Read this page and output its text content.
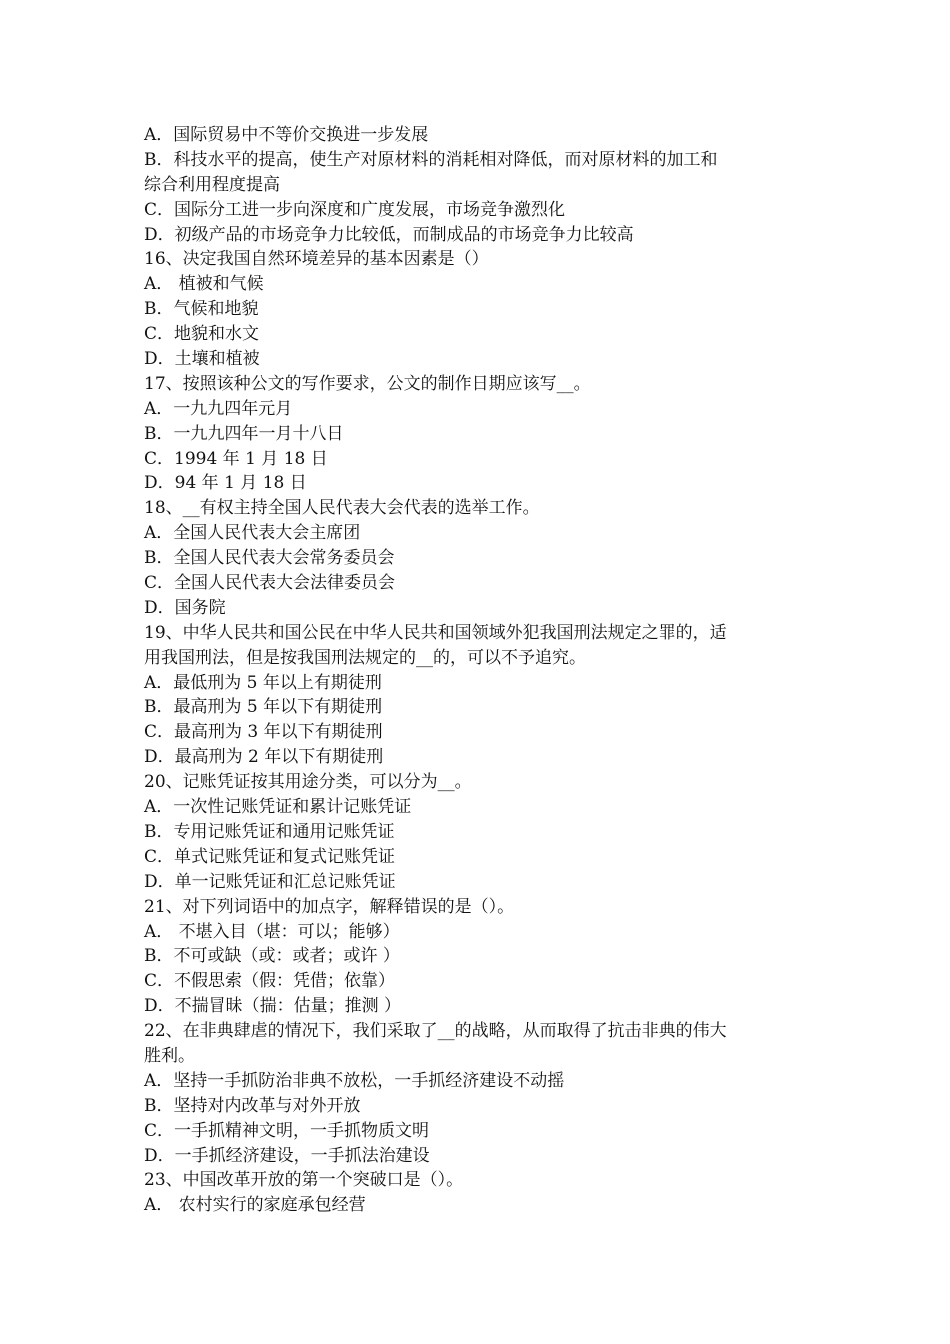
A．国际贸易中不等价交换进一步发展
B．科技水平的提高，使生产对原材料的消耗相对降低，而对原材料的加工和
综合利用程度提高
C．国际分工进一步向深度和广度发展，市场竞争激烈化
D．初级产品的市场竞争力比较低，而制成品的市场竞争力比较高
16、决定我国自然环境差异的基本因素是（）
A． 植被和气候
B．气候和地貌
C．地貌和水文
D．土壤和植被
17、按照该种公文的写作要求，公文的制作日期应该写__。
A．一九九四年元月
B．一九九四年一月十八日
C．1994 年 1 月 18 日
D．94 年 1 月 18 日
18、__有权主持全国人民代表大会代表的选举工作。
A．全国人民代表大会主席团
B．全国人民代表大会常务委员会
C．全国人民代表大会法律委员会
D．国务院
19、中华人民共和国公民在中华人民共和国领域外犯我国刑法规定之罪的，适
用我国刑法，但是按我国刑法规定的__的，可以不予追究。
A．最低刑为 5 年以上有期徒刑
B．最高刑为 5 年以下有期徒刑
C．最高刑为 3 年以下有期徒刑
D．最高刑为 2 年以下有期徒刑
20、记账凭证按其用途分类，可以分为__。
A．一次性记账凭证和累计记账凭证
B．专用记账凭证和通用记账凭证
C．单式记账凭证和复式记账凭证
D．单一记账凭证和汇总记账凭证
21、对下列词语中的加点字，解释错误的是（）。
A． 不堪入目（堪：可以；能够）
B．不可或缺（或：或者；或许 ）
C．不假思索（假：凭借；依靠）
D．不揣冒昧（揣：估量；推测 ）
22、在非典肆虐的情况下，我们采取了__的战略，从而取得了抗击非典的伟大
胜利。
A．坚持一手抓防治非典不放松，一手抓经济建设不动摇
B．坚持对内改革与对外开放
C．一手抓精神文明，一手抓物质文明
D．一手抓经济建设，一手抓法治建设
23、中国改革开放的第一个突破口是（）。
A． 农村实行的家庭承包经营
